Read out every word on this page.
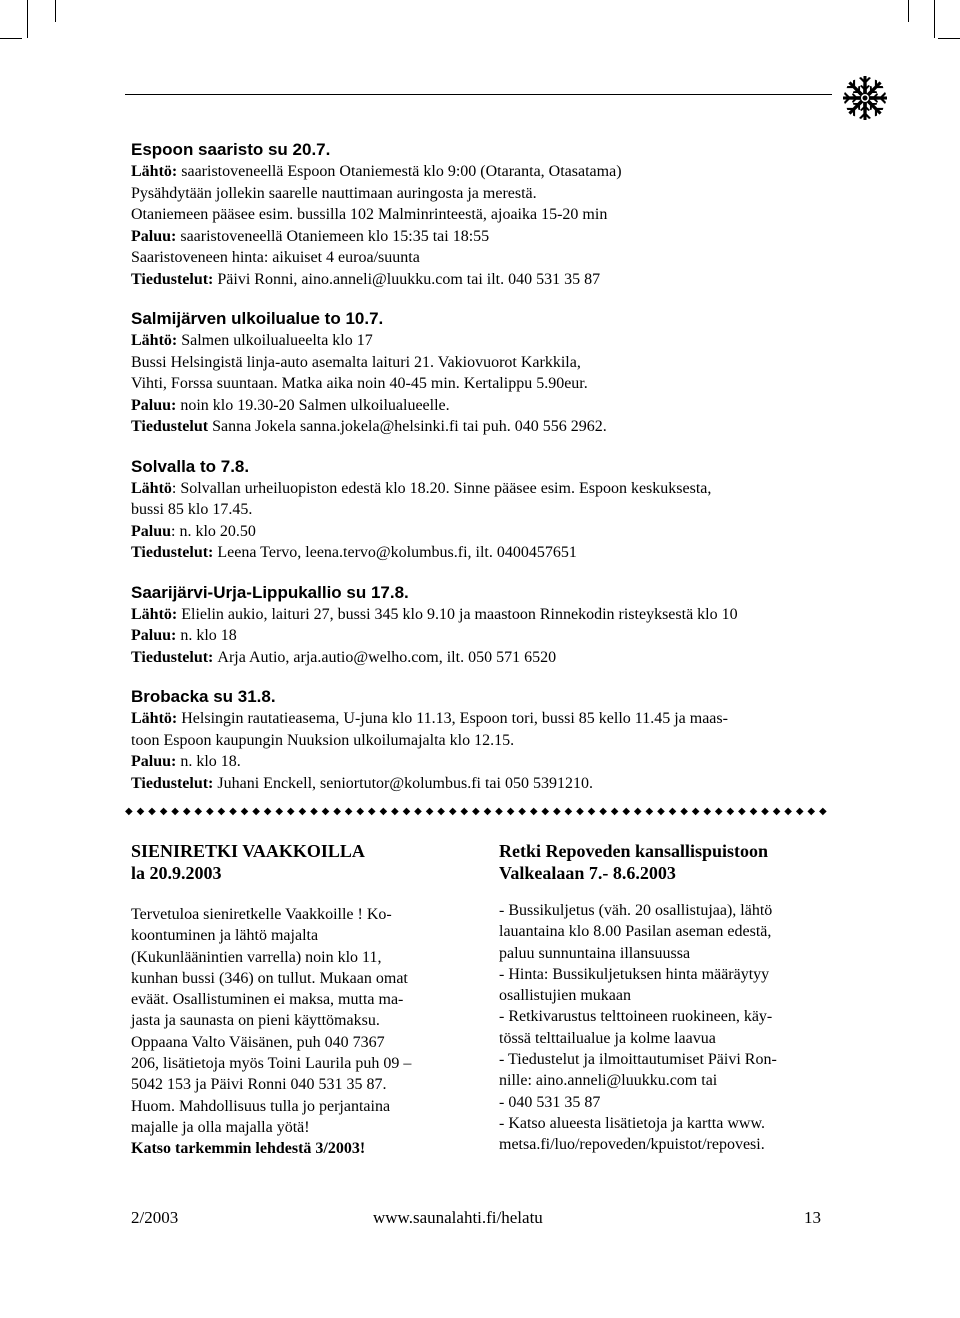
Espoon saaristo su 20.7.
Lähtö: saaristoveneellä Espoon Otaniemestä klo 9:00 (Otaranta, Otasatama)
Pysähdytään jollekin saarelle nauttimaan auringosta ja merestä.
Otaniemeen pääsee esim. bussilla 102 Malminrinteestä, ajoaika 15-20 min
Paluu: saaristoveneellä Otaniemeen klo 15:35 tai 18:55
Saaristoveneen hinta: aikuiset 4 euroa/suunta
Tiedustelut: Päivi Ronni, aino.anneli@luukku.com tai ilt. 040 531 35 87
Salmijärven ulkoilualue to 10.7.
Lähtö: Salmen ulkoilualueelta klo 17
Bussi Helsingistä linja-auto asemalta laituri 21. Vakiovuorot Karkkila,
Vihti, Forssa suuntaan. Matka aika noin 40-45 min. Kertalippu 5.90eur.
Paluu: noin klo 19.30-20 Salmen ulkoilualueelle.
Tiedustelut Sanna Jokela sanna.jokela@helsinki.fi tai puh. 040 556 2962.
Solvalla to 7.8.
Lähtö: Solvallan urheiluopiston edestä klo 18.20. Sinne pääsee esim. Espoon keskuksesta,
bussi 85 klo 17.45.
Paluu: n. klo 20.50
Tiedustelut: Leena Tervo, leena.tervo@kolumbus.fi, ilt. 0400457651
Saarijärvi-Urja-Lippukallio su 17.8.
Lähtö: Elielin aukio, laituri 27, bussi 345 klo 9.10 ja maastoon Rinnekodin risteyksestä klo 10
Paluu: n. klo 18
Tiedustelut: Arja Autio, arja.autio@welho.com, ilt. 050 571 6520
Brobacka su 31.8.
Lähtö: Helsingin rautatieasema, U-juna klo 11.13, Espoon tori, bussi 85 kello 11.45 ja maas-
toon Espoon kaupungin Nuuksion ulkoilumajalta klo 12.15.
Paluu: n. klo 18.
Tiedustelut: Juhani Enckell, seniortutor@kolumbus.fi tai 050 5391210.
◆ ◆ ◆ ◆ ◆ ◆ ◆ ◆ ◆ ◆ ◆ ◆ ◆ ◆ ◆ ◆ ◆ ◆ ◆ ◆ ◆ ◆ ◆ ◆ ◆ ◆ ◆ ◆ ◆ ◆ ◆ ◆ ◆ ◆ ◆ ◆ ◆ ◆ ◆ ◆ ◆ ◆ ◆ ◆ ◆ ◆ ◆ ◆ ◆ ◆ ◆ ◆ ◆ ◆ ◆ ◆ ◆ ◆ ◆ ◆ ◆
SIENIRETKI VAAKKOILLA
la 20.9.2003
Tervetuloa sieniretkelle Vaakkoille ! Ko-
koontuminen ja lähtö majalta
(Kukunläänintien varrella) noin klo 11,
kunhan bussi (346) on tullut. Mukaan omat
eväät. Osallistuminen ei maksa, mutta ma-
jasta ja saunasta on pieni käyttömaksu.
Oppaana Valto Väisänen, puh 040 7367
206, lisätietoja myös Toini Laurila puh 09 –
5042 153 ja Päivi Ronni 040 531 35 87.
Huom. Mahdollisuus tulla jo perjantaina
majalle ja olla majalla yötä!
Katso tarkemmin lehdestä 3/2003!
Retki Repoveden kansallispuistoon
Valkealaan 7.- 8.6.2003
- Bussikuljetus (väh. 20 osallistujaa), lähtö
lauantaina klo 8.00 Pasilan aseman edestä,
paluu sunnuntaina illansuussa
- Hinta: Bussikuljetuksen hinta määräytyy
osallistujien mukaan
- Retkivarustus telttoineen ruokineen, käy-
tössä telttailualue ja kolme laavua
- Tiedustelut ja ilmoittautumiset Päivi Ron-
nille: aino.anneli@luukku.com tai
- 040 531 35 87
- Katso alueesta lisätietoja ja kartta www.
metsa.fi/luo/repoveden/kpuistot/repovesi.
2/2003	www.saunalahti.fi/helatu	13
